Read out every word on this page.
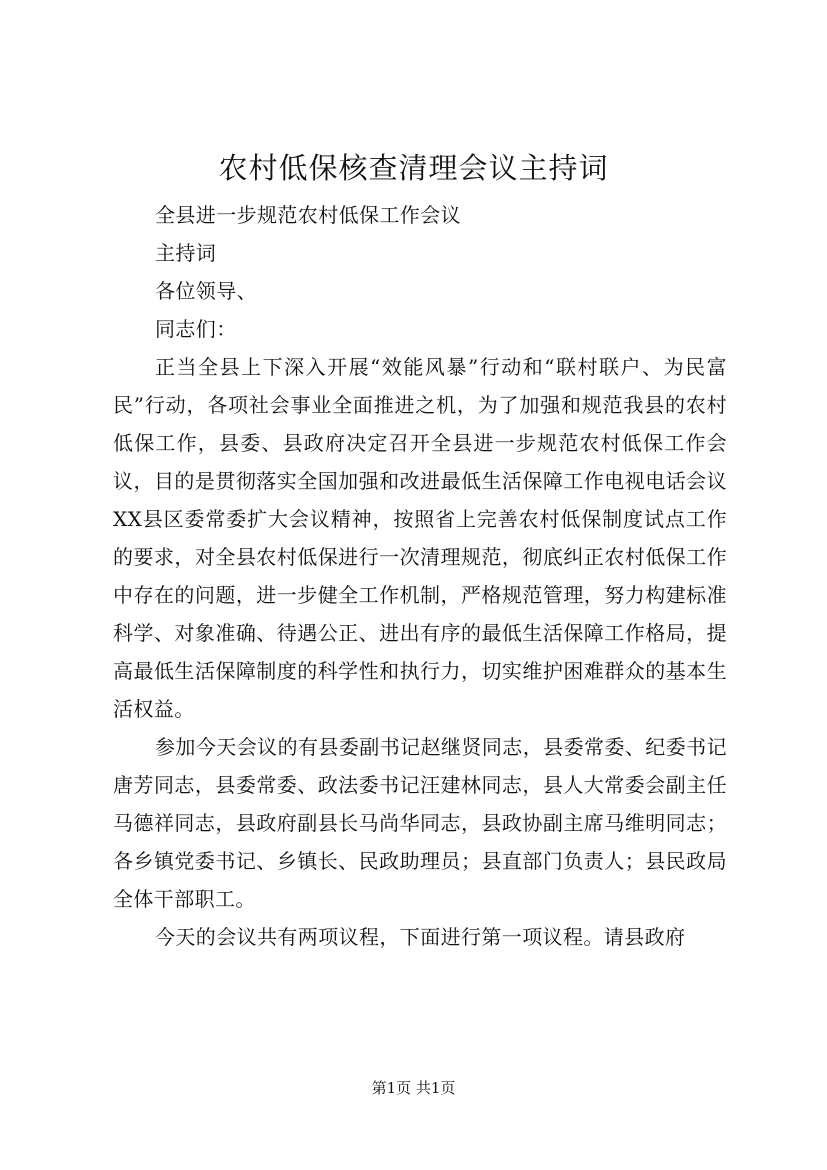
农村低保核查清理会议主持词

全县进一步规范农村低保工作会议

主持词

各位领导、

同志们：

正当全县上下深入开展“效能风暴”行动和“联村联户、为民富民”行动，各项社会事业全面推进之机，为了加强和规范我县的农村低保工作，县委、县政府决定召开全县进一步规范农村低保工作会议，目的是贯彻落实全国加强和改进最低生活保障工作电视电话会议XX县区委常委扩大会议精神，按照省上完善农村低保制度试点工作的要求，对全县农村低保进行一次清理规范，彻底纠正农村低保工作中存在的问题，进一步健全工作机制，严格规范管理，努力构建标准科学、对象准确、待遇公正、进出有序的最低生活保障工作格局，提高最低生活保障制度的科学性和执行力，切实维护困难群众的基本生活权益。

参加今天会议的有县委副书记赵继贤同志，县委常委、纪委书记唐芳同志，县委常委、政法委书记汪建林同志，县人大常委会副主任马德祥同志，县政府副县长马尚华同志，县政协副主席马维明同志；各乡镇党委书记、乡镇长、民政助理员；县直部门负责人；县民政局全体干部职工。

今天的会议共有两项议程，下面进行第一项议程。请县政府

第1页 共1页
